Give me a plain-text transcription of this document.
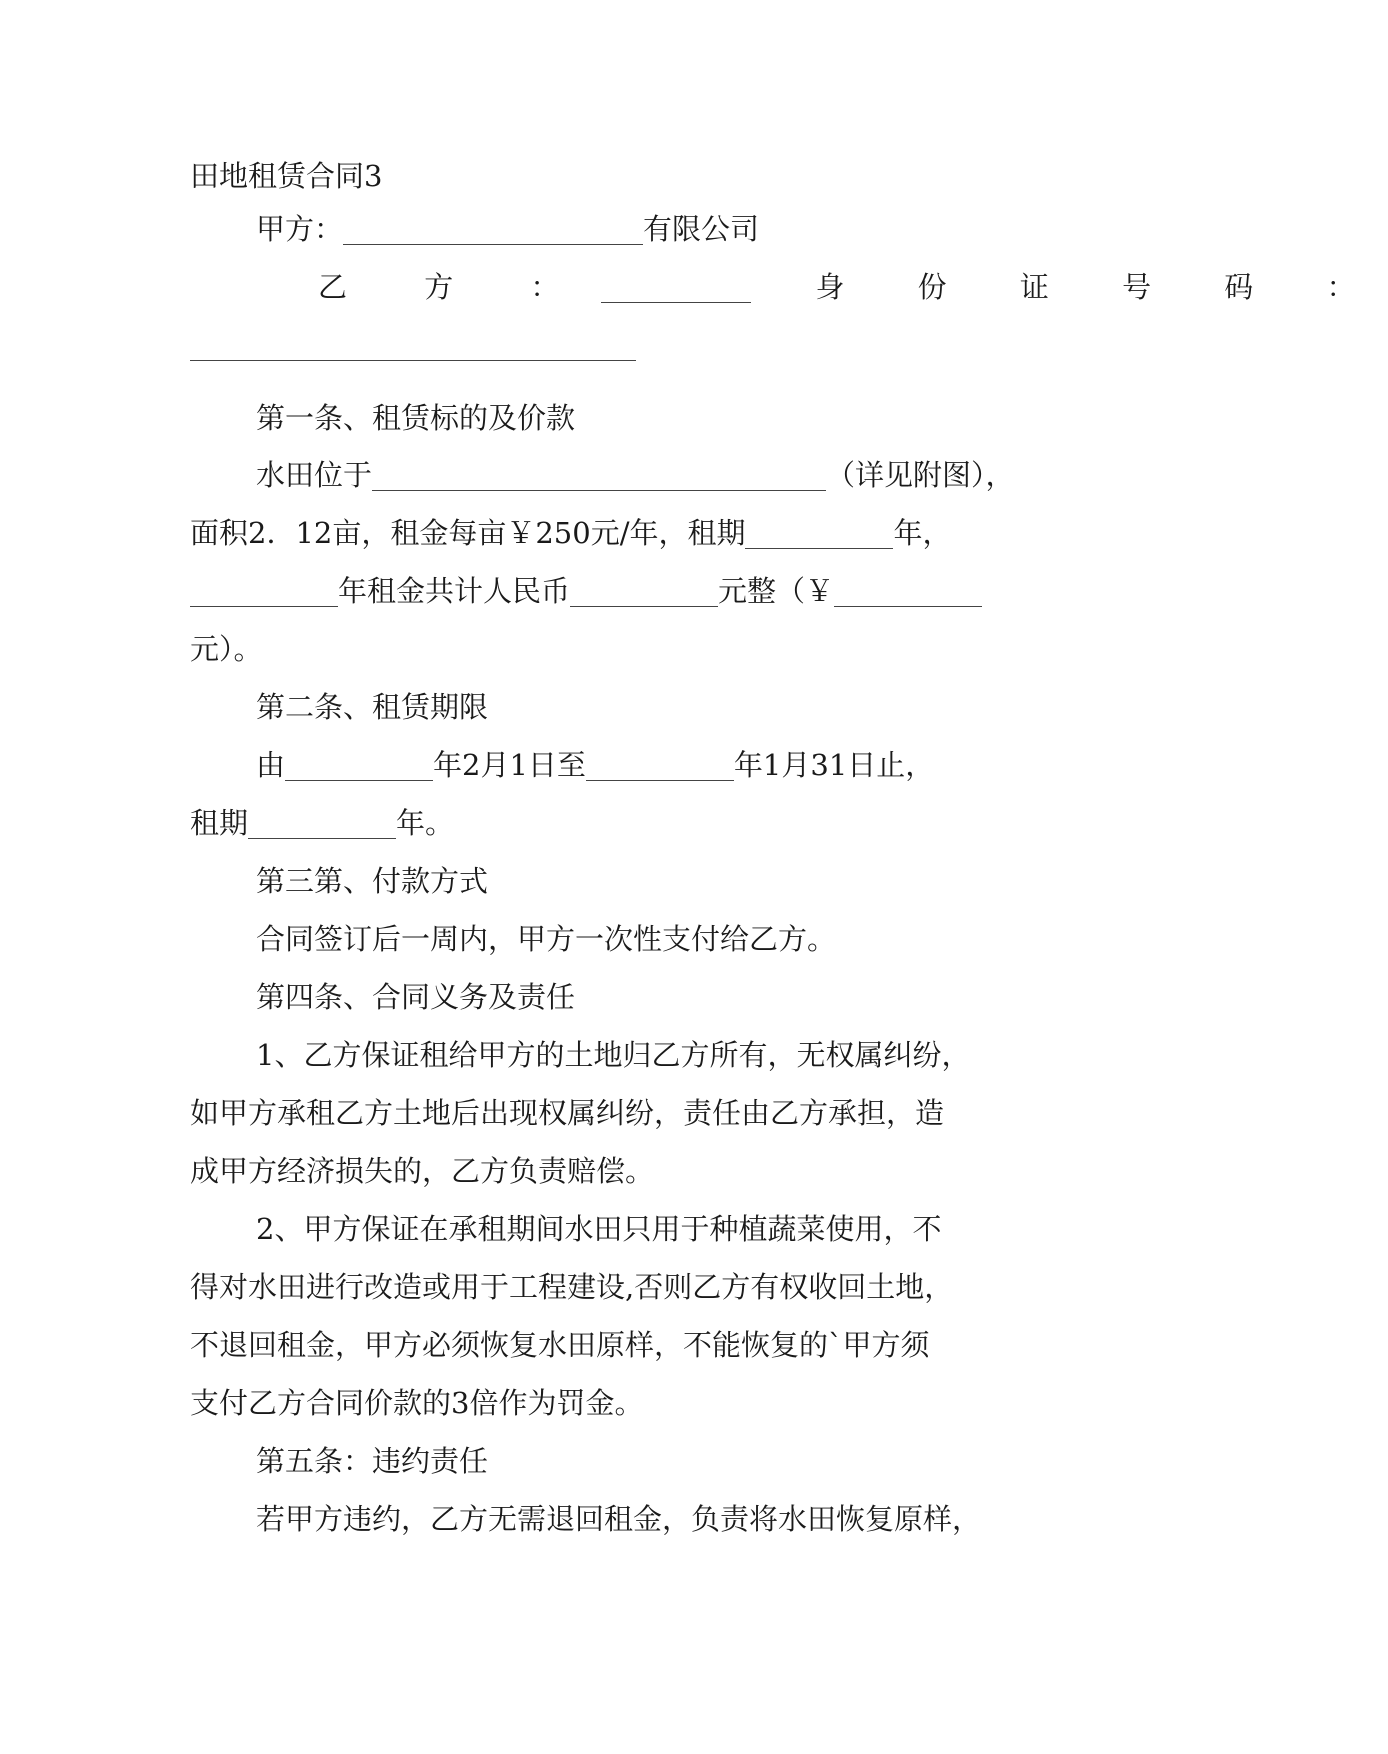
田地租赁合同3
甲方：	有限公司
乙 方 ：	身 份 证 号 码 ：
第一条、租赁标的及价款
水田位于	（详见附图），
面积2．12亩，租金每亩￥250元/年，租期	年，
年租金共计人民币	元整（￥
元）。
第二条、租赁期限
由	年2月1日至	年1月31日止，
租期	年。
第三第、付款方式
合同签订后一周内，甲方一次性支付给乙方。
第四条、合同义务及责任
1、乙方保证租给甲方的土地归乙方所有，无权属纠纷，
如甲方承租乙方土地后出现权属纠纷，责任由乙方承担，造
成甲方经济损失的，乙方负责赔偿。
2、甲方保证在承租期间水田只用于种植蔬菜使用，不
得对水田进行改造或用于工程建设,否则乙方有权收回土地，
不退回租金，甲方必须恢复水田原样，不能恢复的`甲方须
支付乙方合同价款的3倍作为罚金。
第五条：违约责任
若甲方违约，乙方无需退回租金，负责将水田恢复原样，
